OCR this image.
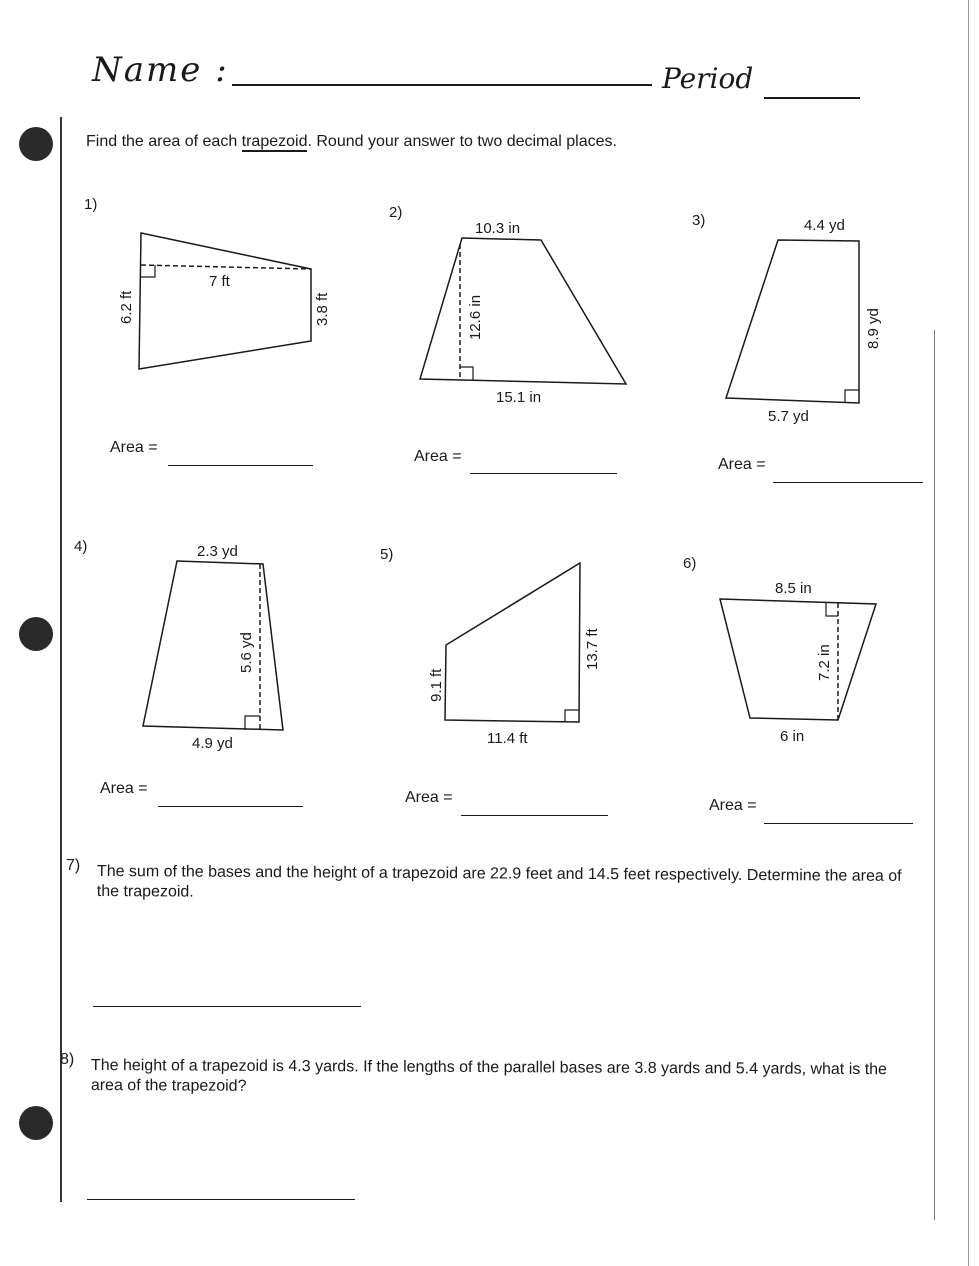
Name :	Period
Find the area of each trapezoid. Round your answer to two decimal places.
1)	2)	3)
4)	5)
6)
7 ft
6.2 ft	3.8 ft
10.3 in
12.6 in
15.1 in
4.4 yd
8.9 yd
5.7 yd
2.3 yd
5.6 yd
4.9 yd
13.7 ft
9.1 ft
11.4 ft
8.5 in
7.2 in
6 in
Area =
Area =	Area =
Area =
Area =	Area =
7) The sum of the bases and the height of a trapezoid are 22.9 feet and 14.5 feet respectively. Determine the area of the trapezoid.
8) The height of a trapezoid is 4.3 yards. If the lengths of the parallel bases are 3.8 yards and 5.4 yards, what is the area of the trapezoid?
